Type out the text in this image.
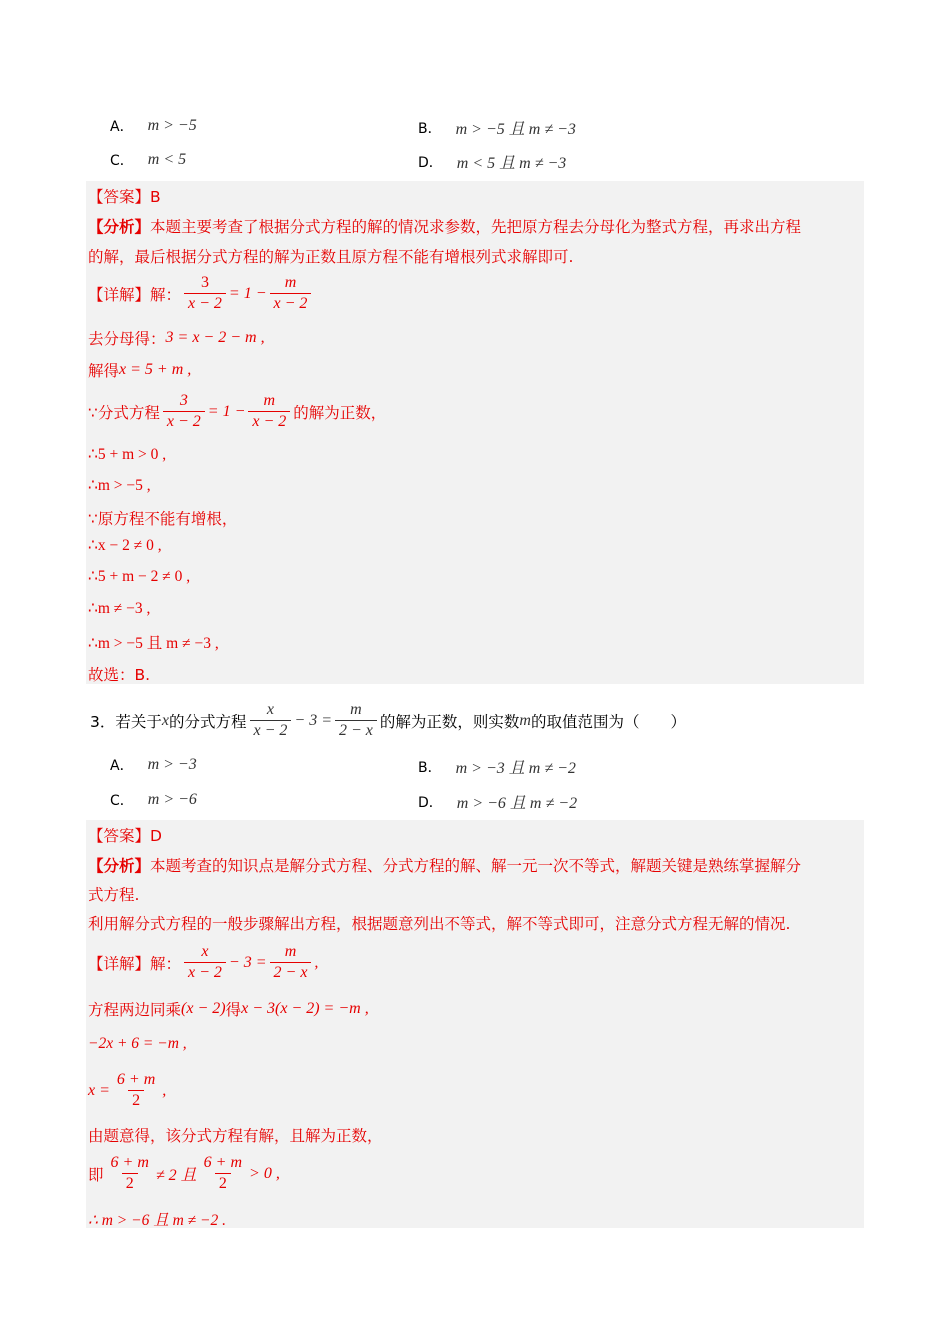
A． m > −5	B． m > −5 且 m ≠ −3
C． m < 5	D． m < 5 且 m ≠ −3
【答案】B
【分析】 本题主要考查了根据分式方程的解的情况求参数，先把原方程去分母化为整式方程，再求出方程
的解，最后根据分式方程的解为正数且原方程不能有增根列式求解即可.
【详解】解： $\frac{3}{x - 2} = 1 - \frac{m}{x - 2}$
去分母得： 3 = x − 2 − m ,
解得 x = 5 + m ,
∵分式方程 $\frac{3}{x - 2} = 1 - \frac{m}{x - 2}$ 的解为正数，
∴5 + m > 0 ,
∴m > −5 ,
∵原方程不能有增根，
∴x − 2 ≠ 0 ,
∴5 + m − 2 ≠ 0 ,
∴m ≠ −3 ,
∴m > −5 且 m ≠ −3 ,
故选：B.
3．若关于 x 的分式方程 $\frac{x}{x - 2} - 3 = \frac{m}{2 - x}$ 的解为正数，则实数 m 的取值范围为（　　）
A． m > −3	B． m > −3 且 m ≠ −2
C． m > −6	D． m > −6 且 m ≠ −2
【答案】D
【分析】 本题考查的知识点是解分式方程、分式方程的解、解一元一次不等式，解题关键是熟练掌握解分
式方程.
利用解分式方程的一般步骤解出方程，根据题意列出不等式，解不等式即可，注意分式方程无解的情况.
【详解】解： $\frac{x}{x - 2} - 3 = \frac{m}{2 - x}$ ,
方程两边同乘 (x − 2) 得 x − 3(x − 2) = −m ,
−2x + 6 = −m ,
$x = \frac{6 + m}{2}$ ,
由题意得，该分式方程有解，且解为正数，
即 $\frac{6 + m}{2} \ne 2$ 且 $\frac{6 + m}{2} > 0$ ,
∴ m > −6 且 m ≠ −2 .
